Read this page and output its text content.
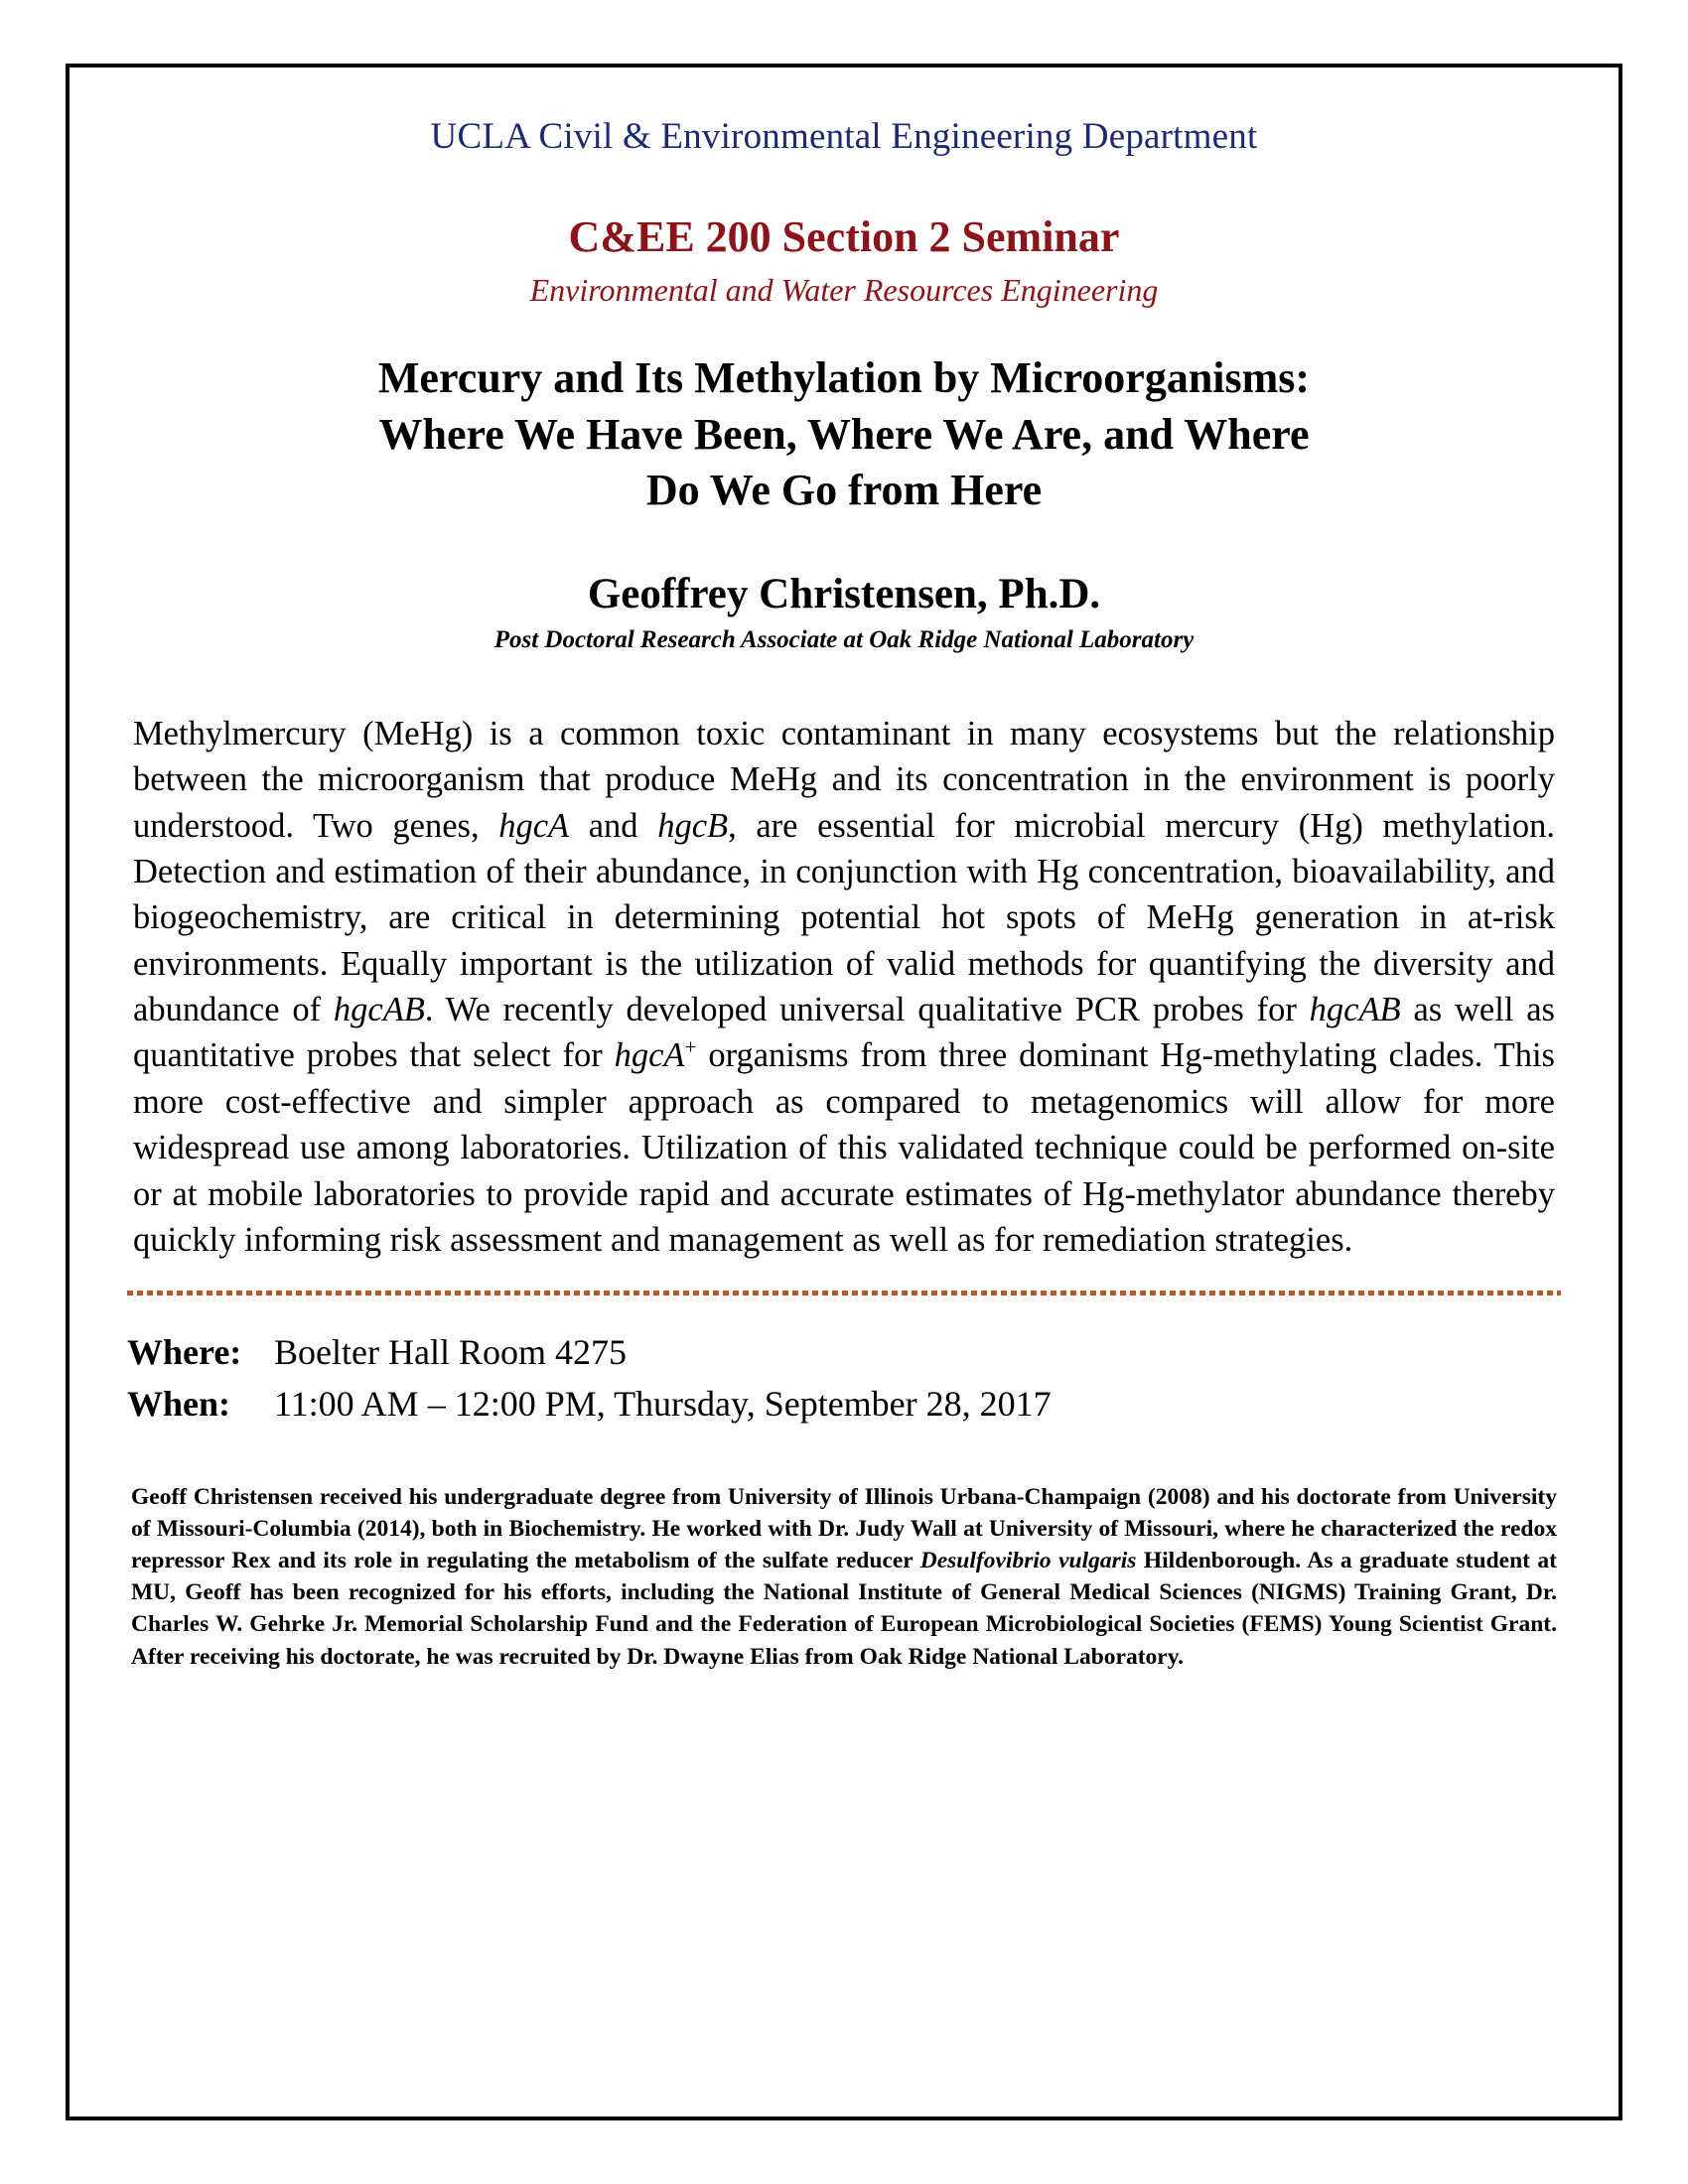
UCLA Civil & Environmental Engineering Department
C&EE 200 Section 2 Seminar
Environmental and Water Resources Engineering
Mercury and Its Methylation by Microorganisms:
Where We Have Been, Where We Are, and Where
Do We Go from Here
Geoffrey Christensen, Ph.D.
Post Doctoral Research Associate at Oak Ridge National Laboratory
Methylmercury (MeHg) is a common toxic contaminant in many ecosystems but the relationship between the microorganism that produce MeHg and its concentration in the environment is poorly understood. Two genes, hgcA and hgcB, are essential for microbial mercury (Hg) methylation. Detection and estimation of their abundance, in conjunction with Hg concentration, bioavailability, and biogeochemistry, are critical in determining potential hot spots of MeHg generation in at-risk environments. Equally important is the utilization of valid methods for quantifying the diversity and abundance of hgcAB. We recently developed universal qualitative PCR probes for hgcAB as well as quantitative probes that select for hgcA+ organisms from three dominant Hg-methylating clades. This more cost-effective and simpler approach as compared to metagenomics will allow for more widespread use among laboratories. Utilization of this validated technique could be performed on-site or at mobile laboratories to provide rapid and accurate estimates of Hg-methylator abundance thereby quickly informing risk assessment and management as well as for remediation strategies.
Where: Boelter Hall Room 4275
When:	11:00 AM – 12:00 PM, Thursday, September 28, 2017
Geoff Christensen received his undergraduate degree from University of Illinois Urbana-Champaign (2008) and his doctorate from University of Missouri-Columbia (2014), both in Biochemistry. He worked with Dr. Judy Wall at University of Missouri, where he characterized the redox repressor Rex and its role in regulating the metabolism of the sulfate reducer Desulfovibrio vulgaris Hildenborough. As a graduate student at MU, Geoff has been recognized for his efforts, including the National Institute of General Medical Sciences (NIGMS) Training Grant, Dr. Charles W. Gehrke Jr. Memorial Scholarship Fund and the Federation of European Microbiological Societies (FEMS) Young Scientist Grant. After receiving his doctorate, he was recruited by Dr. Dwayne Elias from Oak Ridge National Laboratory.
